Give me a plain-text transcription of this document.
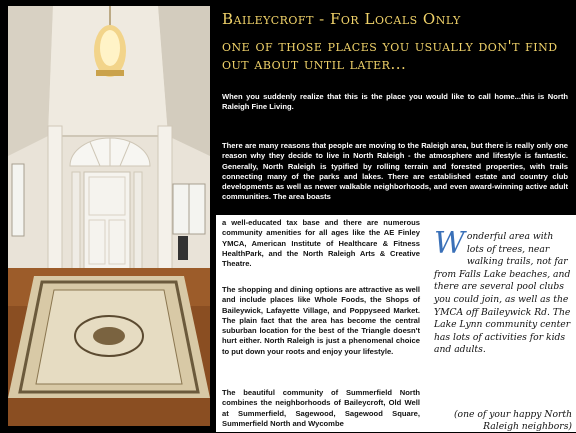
Baileycroft - For Locals Only
one of those places you usually don't find out about until later...

When you suddenly realize that this is the place you would like to call home...this is North Raleigh Fine Living.

There are many reasons that people are moving to the Raleigh area, but there is really only one reason why they decide to live in North Raleigh - the atmosphere and lifestyle is fantastic. Generally, North Raleigh is typified by rolling terrain and forested properties, with trails connecting many of the parks and lakes. There are established estate and country club developments as well as newer walkable neighborhoods, and even award-winning active adult communities. The area boasts

a well-educated tax base and there are numerous community amenities for all ages like the AE Finley YMCA, American Institute of Healthcare & Fitness HealthPark, and the North Raleigh Arts & Creative Theatre.

The shopping and dining options are attractive as well and include places like Whole Foods, the Shops of Baileywick, Lafayette Village, and Poppyseed Market. The plain fact that the area has become the central suburban location for the best of the Triangle doesn't hurt either. North Raleigh is just a phenomenal choice to put down your roots and enjoy your lifestyle.

The beautiful community of Summerfield North combines the neighborhoods of Baileycroft, Old Well at Summerfield, Sagewood, Sagewood Square, Summerfield North and Wycombe

Wonderful area with lots of trees, near walking trails, not far from Falls Lake beaches, and there are several pool clubs you could join, as well as the YMCA off Baileywick Rd. The Lake Lynn community center has lots of activities for kids and adults.

(one of your happy North Raleigh neighbors)
